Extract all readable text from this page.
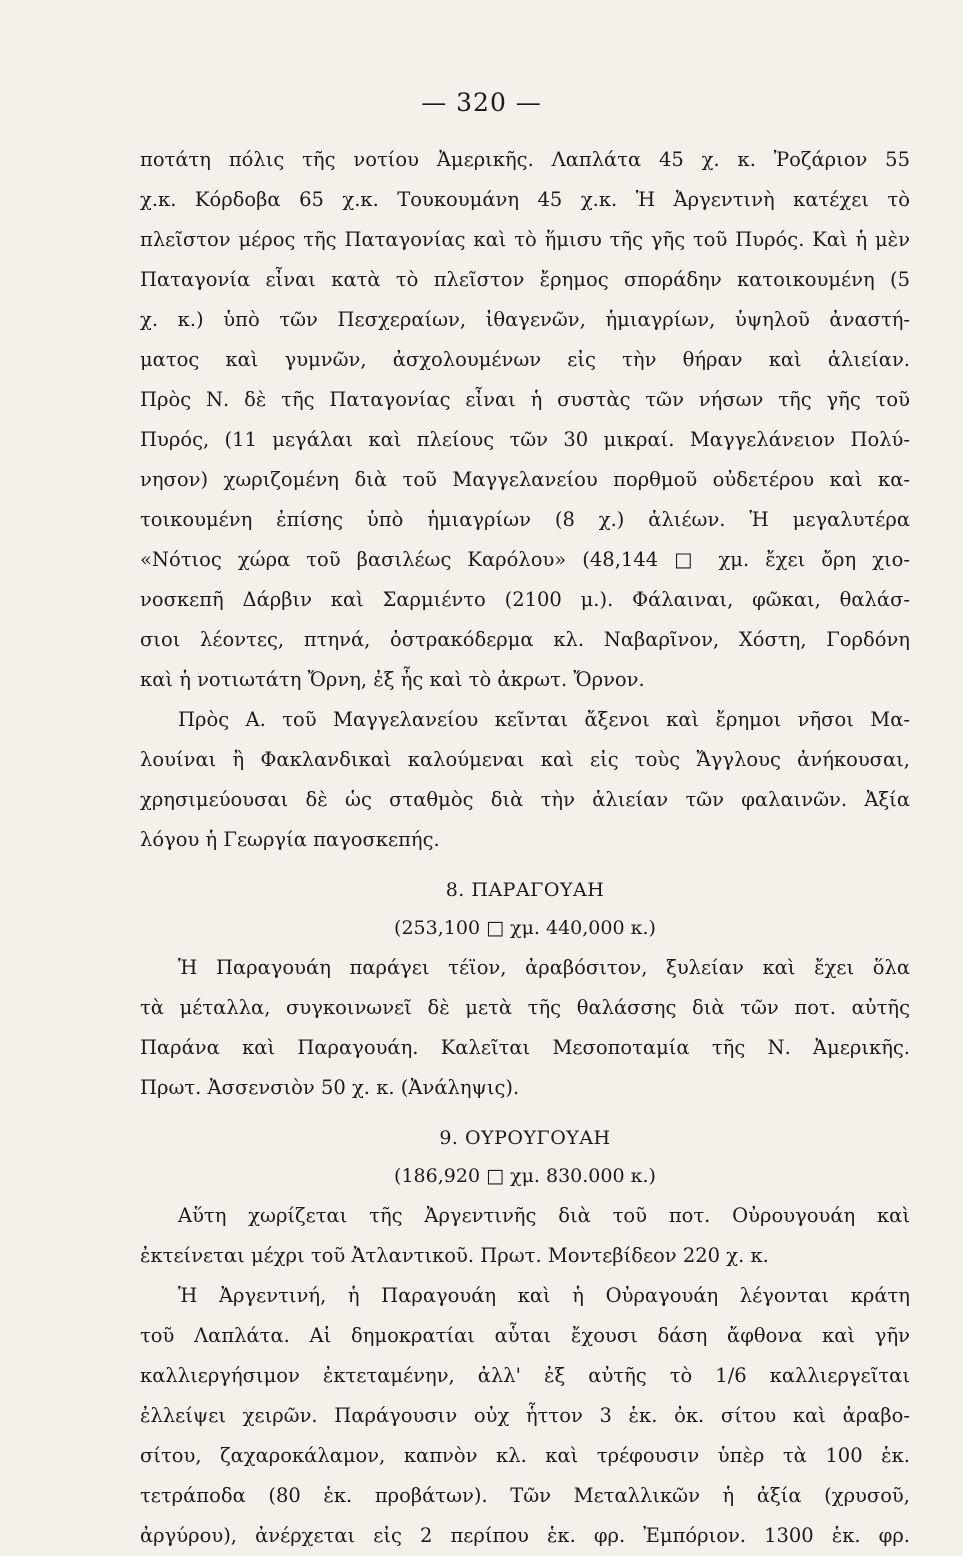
— 320 —
ποτάτη πόλις τῆς νοτίου Ἀμερικῆς. Λαπλάτα 45 χ. κ. Ῥοζάριον 55
χ.κ. Κόρδοβα 65 χ.κ. Τουκουμάνη 45 χ.κ. Ἡ Ἀργεντινὴ κατέχει τὸ
πλεῖστον μέρος τῆς Παταγονίας καὶ τὸ ἥμισυ τῆς γῆς τοῦ Πυρός. Καὶ ἡ μὲν
Παταγονία εἶναι κατὰ τὸ πλεῖστον ἔρημος σποράδην κατοικουμένη (5
χ. κ.) ὑπὸ τῶν Πεσχεραίων, ἰθαγενῶν, ἡμιαγρίων, ὑψηλοῦ ἀναστή-
ματος καὶ γυμνῶν, ἀσχολουμένων εἰς τὴν θήραν καὶ ἁλιείαν.
Πρὸς Ν. δὲ τῆς Παταγονίας εἶναι ἡ συστὰς τῶν νήσων τῆς γῆς τοῦ
Πυρός, (11 μεγάλαι καὶ πλείους τῶν 30 μικραί. Μαγγελάνειον Πολύ-
νησον) χωριζομένη διὰ τοῦ Μαγγελανείου πορθμοῦ οὐδετέρου καὶ κα-
τοικουμένη ἐπίσης ὑπὸ ἡμιαγρίων (8 χ.) ἁλιέων. Ἡ μεγαλυτέρα
«Νότιος χώρα τοῦ βασιλέως Καρόλου» (48,144 □ χμ. ἔχει ὄρη χιο-
νοσκεπῆ Δάρβιν καὶ Σαρμιέντο (2100 μ.). Φάλαιναι, φῶκαι, θαλάσ-
σιοι λέοντες, πτηνά, ὀστρακόδερμα κλ. Ναβαρῖνον, Χόστη, Γορδόνη
καὶ ἡ νοτιωτάτη Ὄρνη, ἐξ ἧς καὶ τὸ ἀκρωτ. Ὄρνον.
Πρὸς Α. τοῦ Μαγγελανείου κεῖνται ἄξενοι καὶ ἔρημοι νῆσοι Μα-
λουίναι ἢ Φακλανδικαὶ καλούμεναι καὶ εἰς τοὺς Ἄγγλους ἀνήκουσαι,
χρησιμεύουσαι δὲ ὡς σταθμὸς διὰ τὴν ἁλιείαν τῶν φαλαινῶν. Ἀξία
λόγου ἡ Γεωργία παγοσκεπής.
8. ΠΑΡΑΓΟΥΑΗ
(253,100 □ χμ. 440,000 κ.)
Ἡ Παραγουάη παράγει τέϊον, ἀραβόσιτον, ξυλείαν καὶ ἔχει ὅλα
τὰ μέταλλα, συγκοινωνεῖ δὲ μετὰ τῆς θαλάσσης διὰ τῶν ποτ. αὐτῆς
Παράνα καὶ Παραγουάη. Καλεῖται Μεσοποταμία τῆς Ν. Ἀμερικῆς.
Πρωτ. Ἀσσενσιὸν 50 χ. κ. (Ἀνάληψις).
9. ΟΥΡΟΥΓΟΥΑΗ
(186,920 □ χμ. 830.000 κ.)
Αὕτη χωρίζεται τῆς Ἀργεντινῆς διὰ τοῦ ποτ. Οὐρουγουάη καὶ
ἐκτείνεται μέχρι τοῦ Ἀτλαντικοῦ. Πρωτ. Μοντεβίδεον 220 χ. κ.
Ἡ Ἀργεντινή, ἡ Παραγουάη καὶ ἡ Οὐραγουάη λέγονται κράτη
τοῦ Λαπλάτα. Αἱ δημοκρατίαι αὗται ἔχουσι δάση ἄφθονα καὶ γῆν
καλλιεργήσιμον ἐκτεταμένην, ἀλλ' ἐξ αὐτῆς τὸ 1/6 καλλιεργεῖται
ἐλλείψει χειρῶν. Παράγουσιν οὐχ ἧττον 3 ἑκ. ὀκ. σίτου καὶ ἀραβο-
σίτου, ζαχαροκάλαμον, καπνὸν κλ. καὶ τρέφουσιν ὑπὲρ τὰ 100 ἑκ.
τετράποδα (80 ἑκ. προβάτων). Τῶν Μεταλλικῶν ἡ ἀξία (χρυσοῦ,
ἀργύρου), ἀνέρχεται εἰς 2 περίπου ἑκ. φρ. Ἐμπόριον. 1300 ἑκ. φρ.
